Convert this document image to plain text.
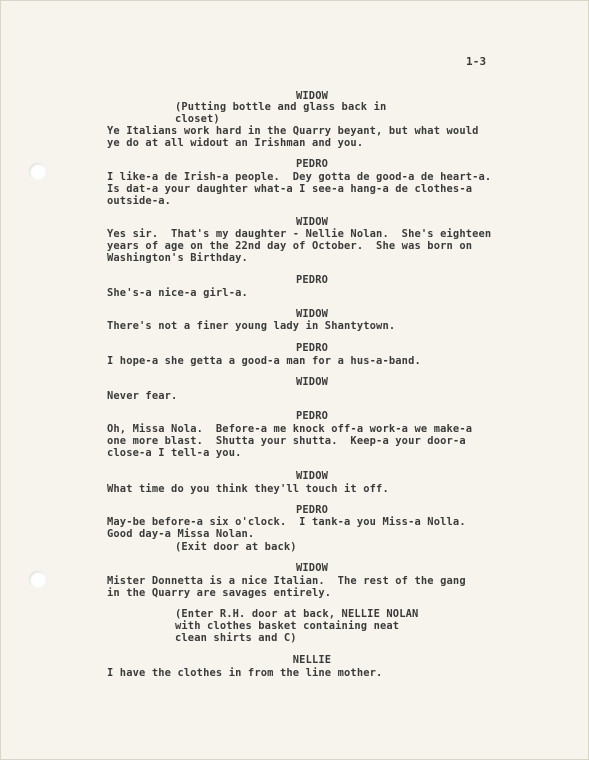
1-3
WIDOW
(Putting bottle and glass back in
closet)
Ye Italians work hard in the Quarry beyant, but what would
ye do at all widout an Irishman and you.
PEDRO
I like-a de Irish-a people.  Dey gotta de good-a de heart-a.
Is dat-a your daughter what-a I see-a hang-a de clothes-a
outside-a.
WIDOW
Yes sir.  That's my daughter - Nellie Nolan.  She's eighteen
years of age on the 22nd day of October.  She was born on
Washington's Birthday.
PEDRO
She's-a nice-a girl-a.
WIDOW
There's not a finer young lady in Shantytown.
PEDRO
I hope-a she getta a good-a man for a hus-a-band.
WIDOW
Never fear.
PEDRO
Oh, Missa Nola.  Before-a me knock off-a work-a we make-a
one more blast.  Shutta your shutta.  Keep-a your door-a
close-a I tell-a you.
WIDOW
What time do you think they'll touch it off.
PEDRO
May-be before-a six o'clock.  I tank-a you Miss-a Nolla.
Good day-a Missa Nolan.
(Exit door at back)
WIDOW
Mister Donnetta is a nice Italian.  The rest of the gang
in the Quarry are savages entirely.
(Enter R.H. door at back, NELLIE NOLAN
with clothes basket containing neat
clean shirts and C)
NELLIE
I have the clothes in from the line mother.
